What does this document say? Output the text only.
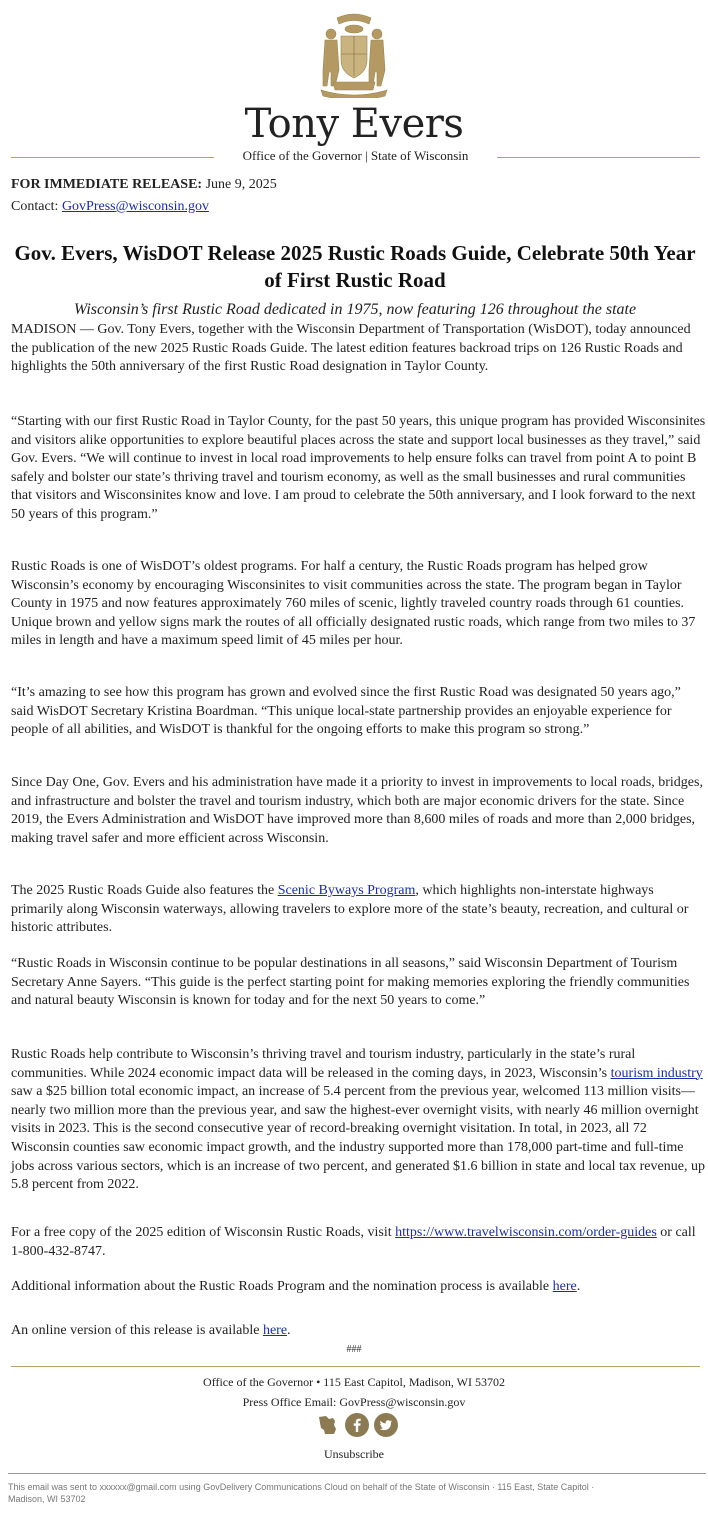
Tony Evers
Office of the Governor | State of Wisconsin
FOR IMMEDIATE RELEASE: June 9, 2025
Contact: GovPress@wisconsin.gov
Gov. Evers, WisDOT Release 2025 Rustic Roads Guide, Celebrate 50th Year of First Rustic Road
Wisconsin’s first Rustic Road dedicated in 1975, now featuring 126 throughout the state

MADISON — Gov. Tony Evers, together with the Wisconsin Department of Transportation (WisDOT), today announced the publication of the new 2025 Rustic Roads Guide. The latest edition features backroad trips on 126 Rustic Roads and highlights the 50th anniversary of the first Rustic Road designation in Taylor County.

“Starting with our first Rustic Road in Taylor County, for the past 50 years, this unique program has provided Wisconsinites and visitors alike opportunities to explore beautiful places across the state and support local businesses as they travel,” said Gov. Evers. “We will continue to invest in local road improvements to help ensure folks can travel from point A to point B safely and bolster our state’s thriving travel and tourism economy, as well as the small businesses and rural communities that visitors and Wisconsinites know and love. I am proud to celebrate the 50th anniversary, and I look forward to the next 50 years of this program.”

Rustic Roads is one of WisDOT’s oldest programs. For half a century, the Rustic Roads program has helped grow Wisconsin’s economy by encouraging Wisconsinites to visit communities across the state. The program began in Taylor County in 1975 and now features approximately 760 miles of scenic, lightly traveled country roads through 61 counties. Unique brown and yellow signs mark the routes of all officially designated rustic roads, which range from two miles to 37 miles in length and have a maximum speed limit of 45 miles per hour.

“It’s amazing to see how this program has grown and evolved since the first Rustic Road was designated 50 years ago,” said WisDOT Secretary Kristina Boardman. “This unique local-state partnership provides an enjoyable experience for people of all abilities, and WisDOT is thankful for the ongoing efforts to make this program so strong.”

Since Day One, Gov. Evers and his administration have made it a priority to invest in improvements to local roads, bridges, and infrastructure and bolster the travel and tourism industry, which both are major economic drivers for the state. Since 2019, the Evers Administration and WisDOT have improved more than 8,600 miles of roads and more than 2,000 bridges, making travel safer and more efficient across Wisconsin.

The 2025 Rustic Roads Guide also features the Scenic Byways Program, which highlights non-interstate highways primarily along Wisconsin waterways, allowing travelers to explore more of the state’s beauty, recreation, and cultural or historic attributes.

“Rustic Roads in Wisconsin continue to be popular destinations in all seasons,” said Wisconsin Department of Tourism Secretary Anne Sayers. “This guide is the perfect starting point for making memories exploring the friendly communities and natural beauty Wisconsin is known for today and for the next 50 years to come.”

Rustic Roads help contribute to Wisconsin’s thriving travel and tourism industry, particularly in the state’s rural communities. While 2024 economic impact data will be released in the coming days, in 2023, Wisconsin’s tourism industry saw a $25 billion total economic impact, an increase of 5.4 percent from the previous year, welcomed 113 million visits—nearly two million more than the previous year, and saw the highest-ever overnight visits, with nearly 46 million overnight visits in 2023. This is the second consecutive year of record-breaking overnight visitation. In total, in 2023, all 72 Wisconsin counties saw economic impact growth, and the industry supported more than 178,000 part-time and full-time jobs across various sectors, which is an increase of two percent, and generated $1.6 billion in state and local tax revenue, up 5.8 percent from 2022.

For a free copy of the 2025 edition of Wisconsin Rustic Roads, visit https://www.travelwisconsin.com/order-guides or call 1-800-432-8747.

Additional information about the Rustic Roads Program and the nomination process is available here.

An online version of this release is available here.

###
Office of the Governor • 115 East Capitol, Madison, WI 53702
Press Office Email: GovPress@wisconsin.gov
Unsubscribe
This email was sent to xxxxxx@gmail.com using GovDelivery Communications Cloud on behalf of the State of Wisconsin · 115 East, State Capitol · Madison, WI 53702
